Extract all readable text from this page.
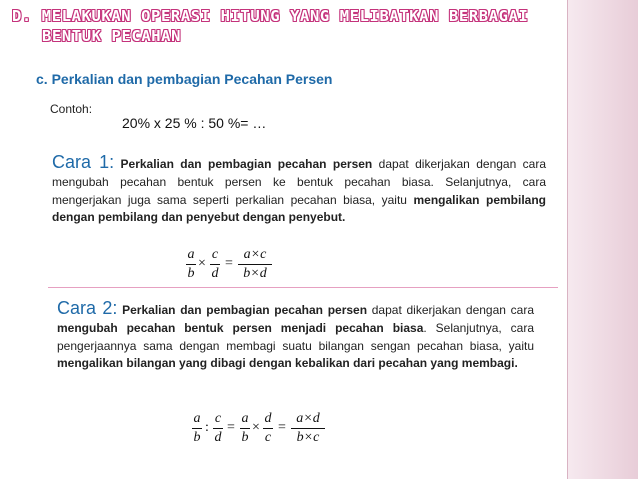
D. MELAKUKAN OPERASI HITUNG YANG MELIBATKAN BERBAGAI
BENTUK PECAHAN
c. Perkalian dan pembagian Pecahan Persen
Contoh:
20% x 25 % : 50 %= …
Cara 1: Perkalian dan pembagian pecahan persen dapat dikerjakan dengan cara mengubah pecahan bentuk persen ke bentuk pecahan biasa. Selanjutnya, cara mengerjakan juga sama seperti perkalian pecahan biasa, yaitu mengalikan pembilang dengan pembilang dan penyebut dengan penyebut.
a
b
×
c
d
=
a×c
b×d
Cara 2: Perkalian dan pembagian pecahan persen dapat dikerjakan dengan cara mengubah pecahan bentuk persen menjadi pecahan biasa. Selanjutnya, cara pengerjaannya sama dengan membagi suatu bilangan sengan pecahan biasa, yaitu mengalikan bilangan yang dibagi dengan kebalikan dari pecahan yang membagi.
a
b
:
c
d
=
a
b
×
d
c
=
a×d
b×c
